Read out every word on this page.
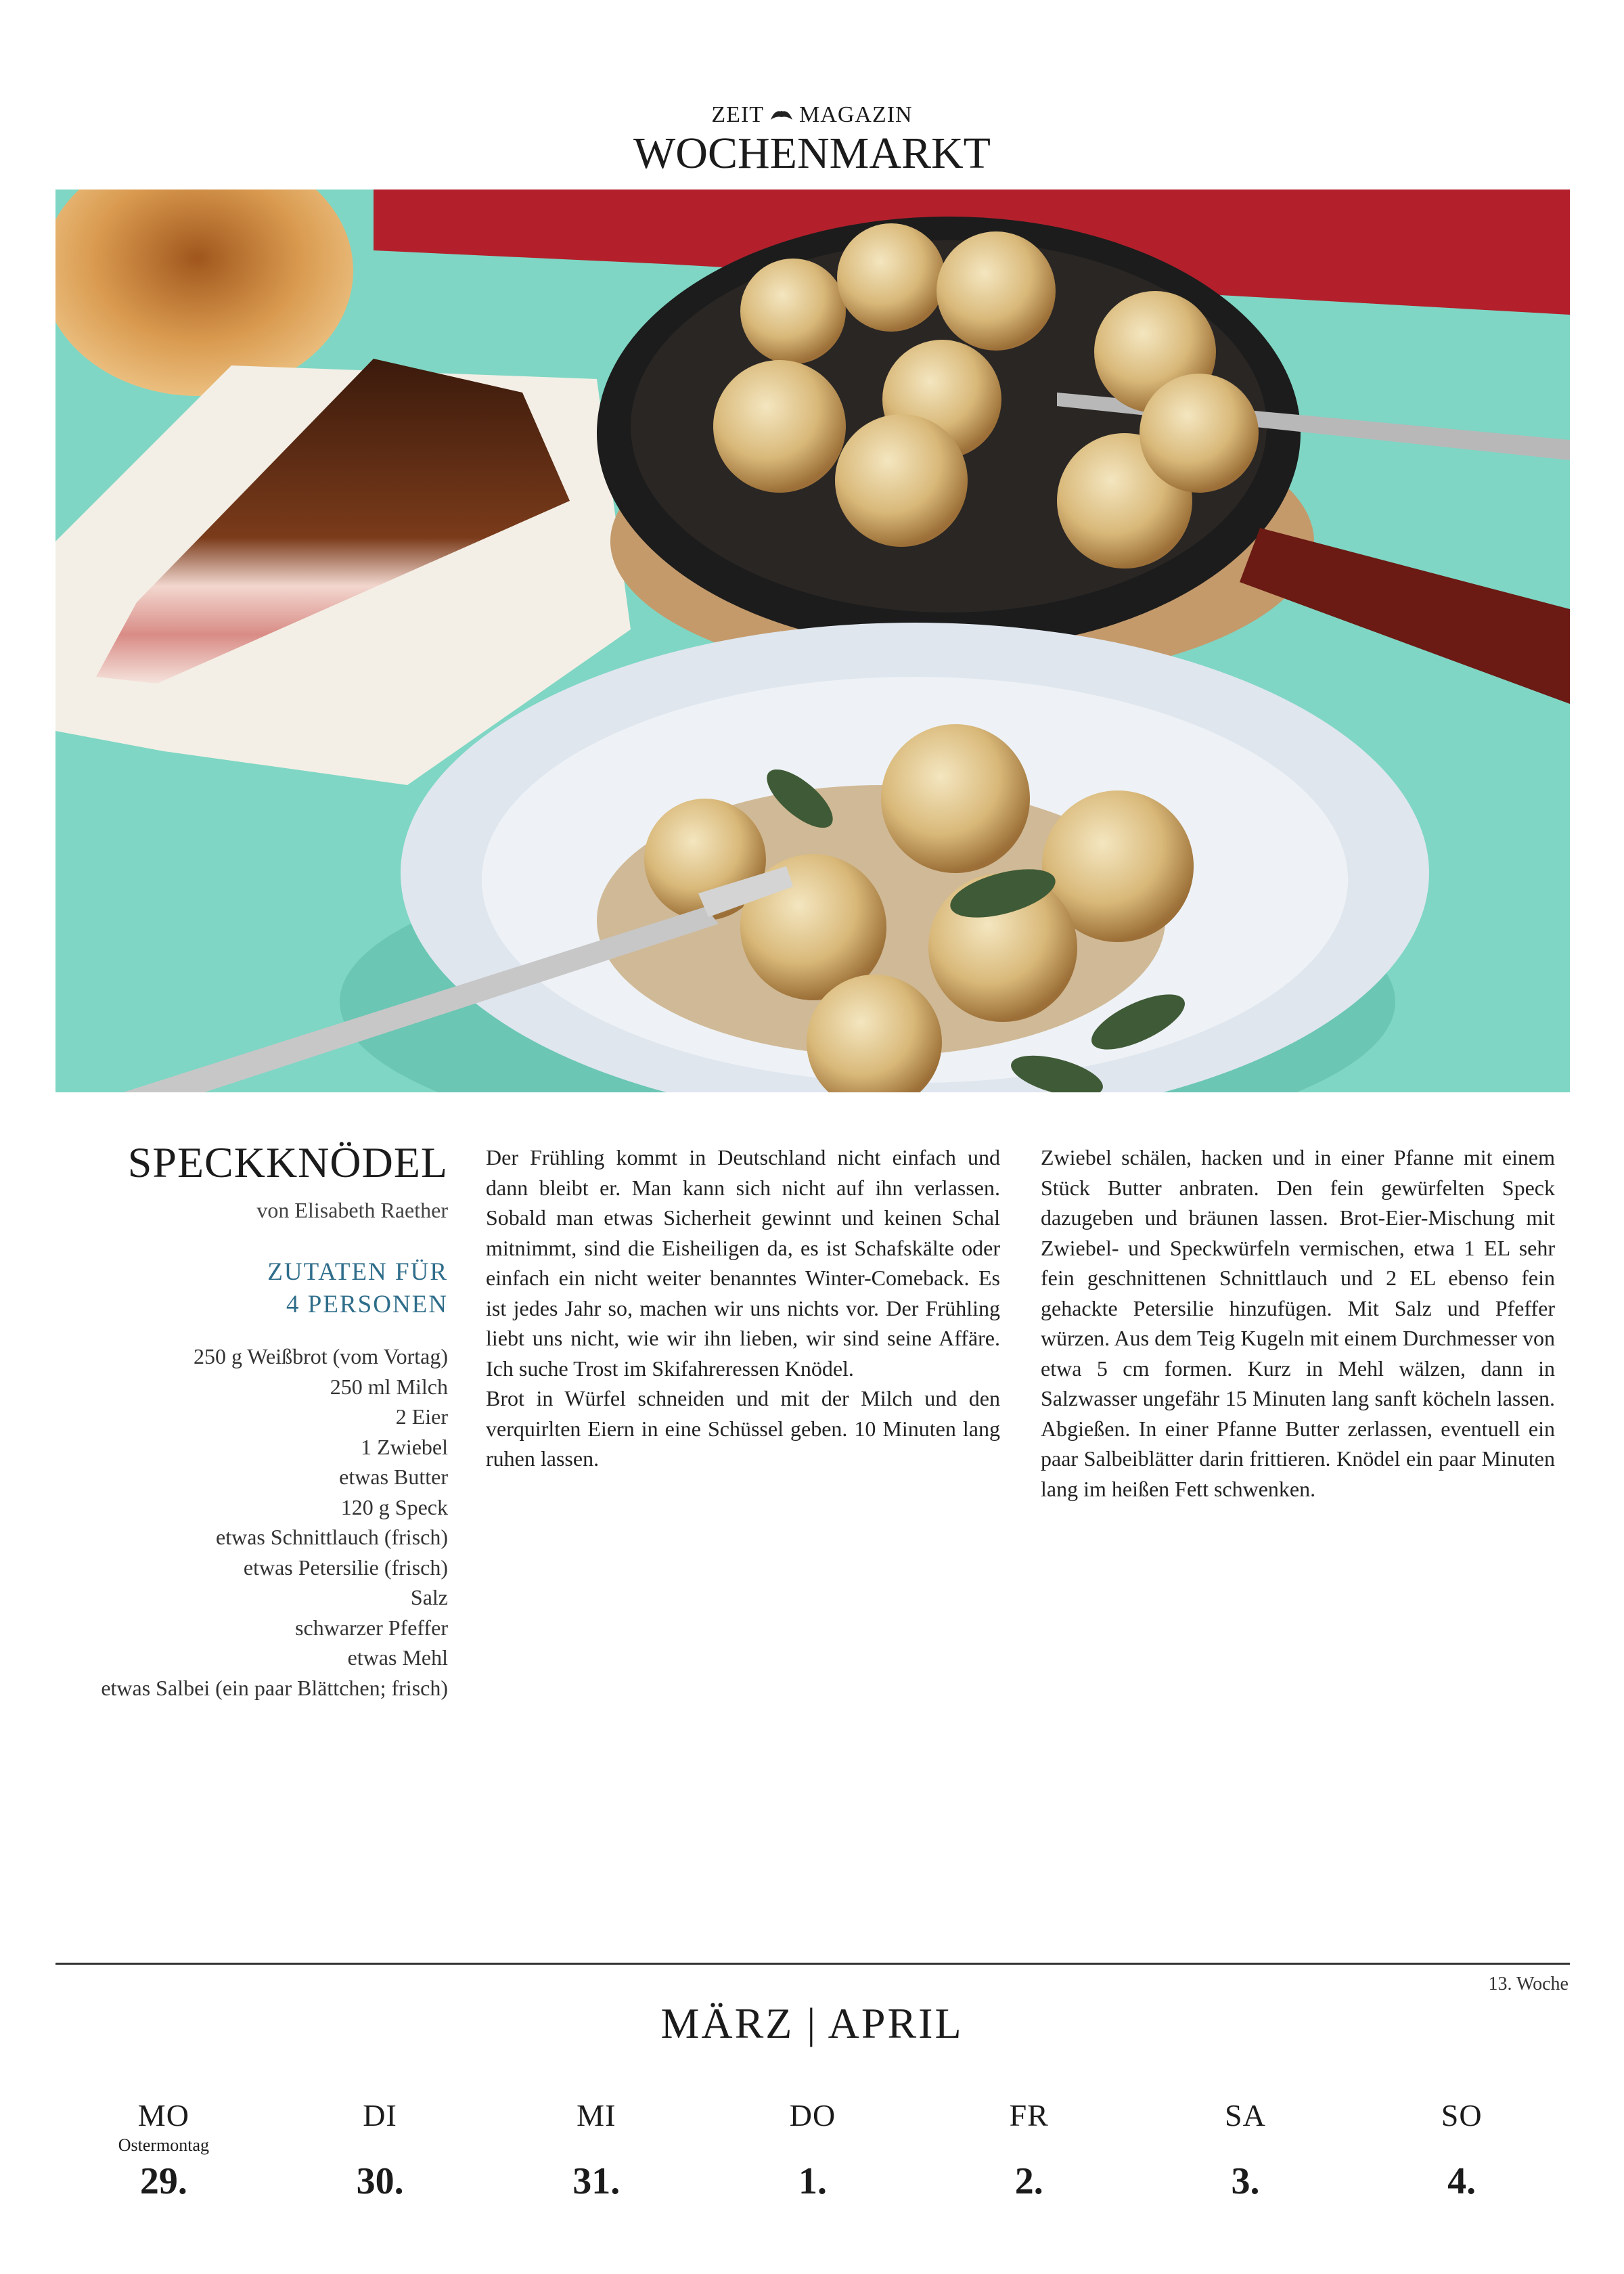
ZEIT MAGAZIN
WOCHENMARKT
SPECKKNÖDEL
von Elisabeth Raether
ZUTATEN FÜR
4 PERSONEN
250 g Weißbrot (vom Vortag)
250 ml Milch
2 Eier
1 Zwiebel
etwas Butter
120 g Speck
etwas Schnittlauch (frisch)
etwas Petersilie (frisch)
Salz
schwarzer Pfeffer
etwas Mehl
etwas Salbei (ein paar Blättchen; frisch)

Der Frühling kommt in Deutschland nicht einfach und dann bleibt er. Man kann sich nicht auf ihn verlassen. Sobald man etwas Sicherheit gewinnt und keinen Schal mitnimmt, sind die Eisheiligen da, es ist Schafskälte oder einfach ein nicht weiter benanntes Winter-Comeback. Es ist jedes Jahr so, machen wir uns nichts vor. Der Frühling liebt uns nicht, wie wir ihn lieben, wir sind seine Affäre. Ich suche Trost im Skifahreressen Knödel.

Brot in Würfel schneiden und mit der Milch und den verquirlten Eiern in eine Schüssel geben. 10 Minuten lang ruhen lassen.

Zwiebel schälen, hacken und in einer Pfanne mit einem Stück Butter anbraten. Den fein gewürfelten Speck dazugeben und bräunen lassen. Brot-Eier-Mischung mit Zwiebel- und Speckwürfeln vermischen, etwa 1 EL sehr fein geschnittenen Schnittlauch und 2 EL ebenso fein gehackte Petersilie hinzufügen. Mit Salz und Pfeffer würzen. Aus dem Teig Kugeln mit einem Durchmesser von etwa 5 cm formen. Kurz in Mehl wälzen, dann in Salzwasser ungefähr 15 Minuten lang sanft köcheln lassen. Abgießen. In einer Pfanne Butter zerlassen, eventuell ein paar Salbeiblätter darin frittieren. Knödel ein paar Minuten lang im heißen Fett schwenken.

13. Woche
MÄRZ | APRIL
MO
Ostermontag
29.
DI
30.
MI
31.
DO
1.
FR
2.
SA
3.
SO
4.
